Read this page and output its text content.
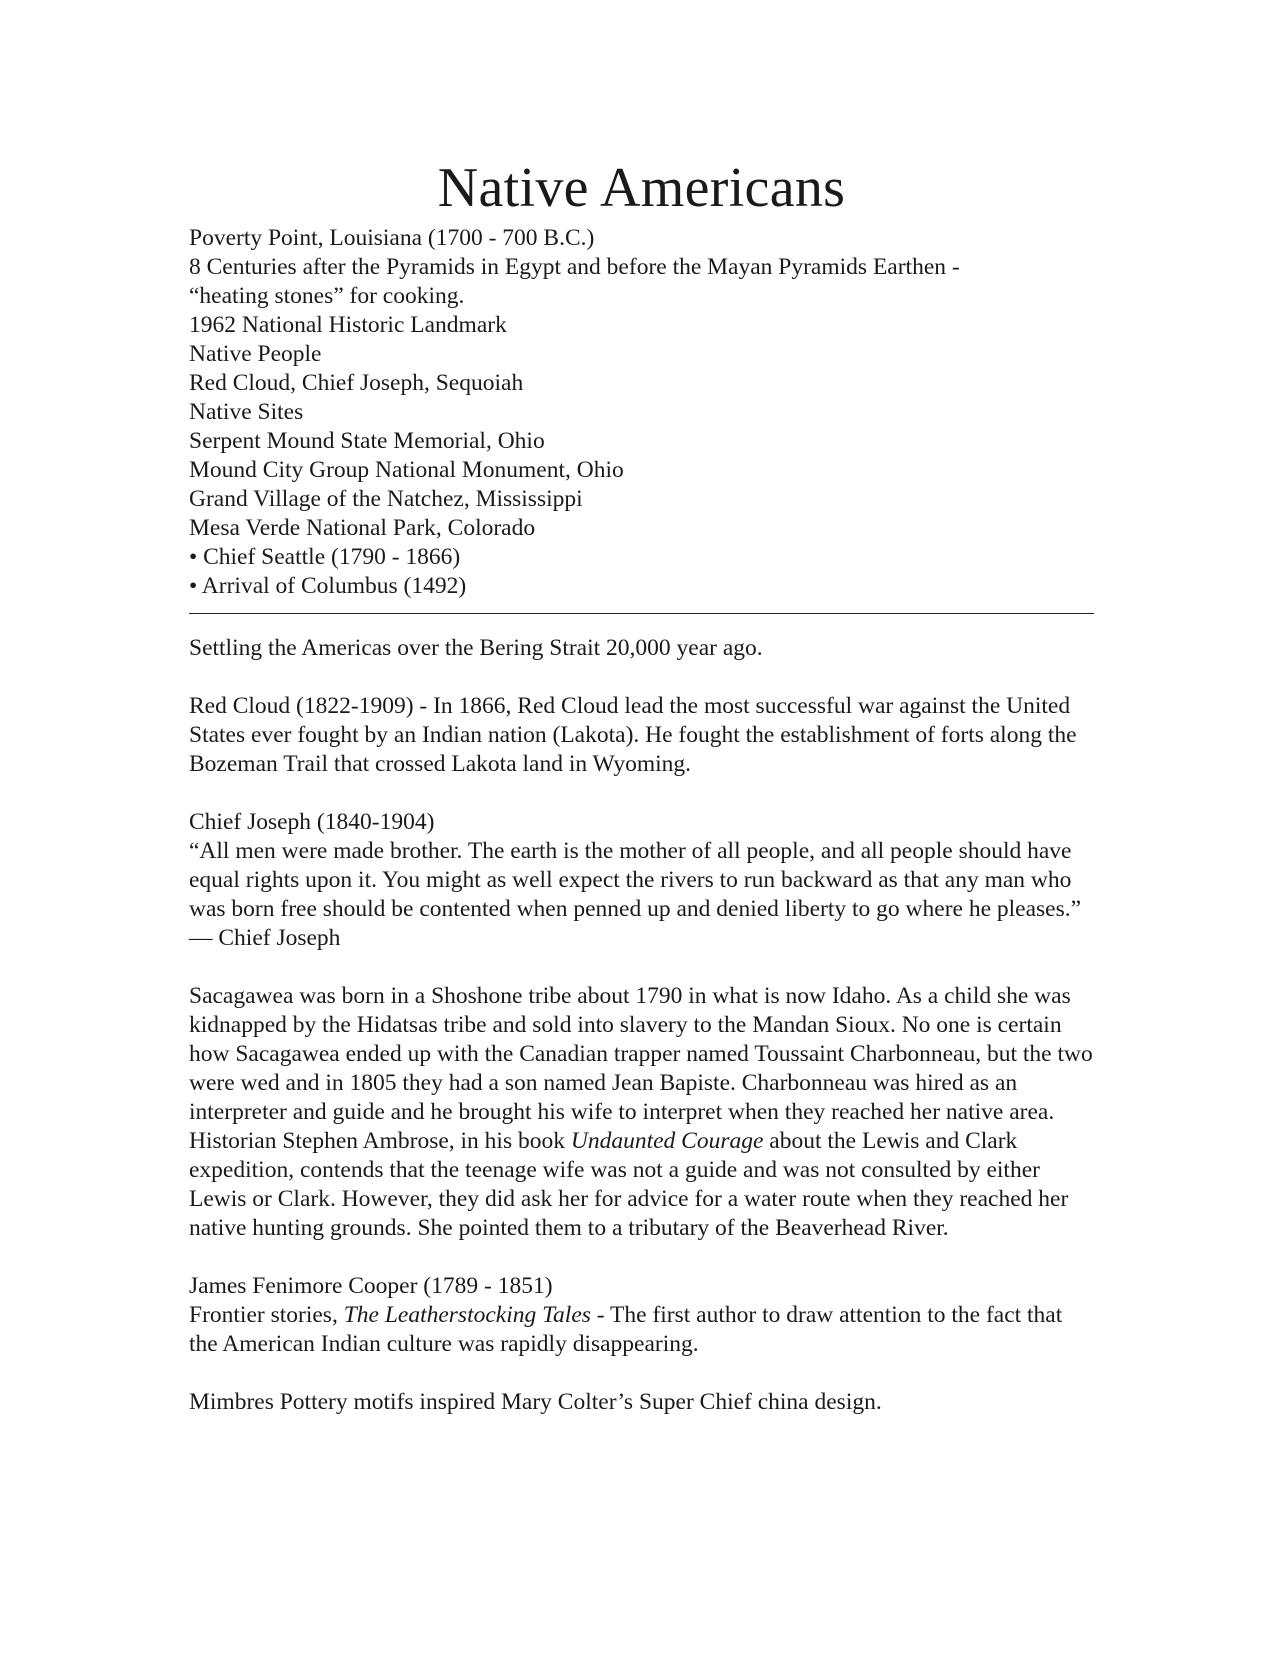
Native Americans

Poverty Point, Louisiana (1700 - 700 B.C.)

8 Centuries after the Pyramids in Egypt and before the Mayan Pyramids Earthen -

“heating stones” for cooking.

1962 National Historic Landmark

Native People

Red Cloud, Chief Joseph, Sequoiah

Native Sites

Serpent Mound State Memorial, Ohio

Mound City Group National Monument, Ohio

Grand Village of the Natchez, Mississippi

Mesa Verde National Park, Colorado

• Chief Seattle (1790 - 1866)

• Arrival of Columbus (1492)

Settling the Americas over the Bering Strait 20,000 year ago.

Red Cloud (1822-1909) - In 1866, Red Cloud lead the most successful war against the United States ever fought by an Indian nation (Lakota). He fought the establishment of forts along the Bozeman Trail that crossed Lakota land in Wyoming.

Chief Joseph (1840-1904)

“All men were made brother. The earth is the mother of all people, and all people should have equal rights upon it. You might as well expect the rivers to run backward as that any man who was born free should be contented when penned up and denied liberty to go where he pleases.” — Chief Joseph

Sacagawea was born in a Shoshone tribe about 1790 in what is now Idaho. As a child she was kidnapped by the Hidatsas tribe and sold into slavery to the Mandan Sioux. No one is certain how Sacagawea ended up with the Canadian trapper named Toussaint Charbonneau, but the two were wed and in 1805 they had a son named Jean Bapiste. Charbonneau was hired as an interpreter and guide and he brought his wife to interpret when they reached her native area. Historian Stephen Ambrose, in his book Undaunted Courage about the Lewis and Clark expedition, contends that the teenage wife was not a guide and was not consulted by either Lewis or Clark. However, they did ask her for advice for a water route when they reached her native hunting grounds. She pointed them to a tributary of the Beaverhead River.

James Fenimore Cooper (1789 - 1851)

Frontier stories, The Leatherstocking Tales - The first author to draw attention to the fact that the American Indian culture was rapidly disappearing.

Mimbres Pottery motifs inspired Mary Colter’s Super Chief china design.
